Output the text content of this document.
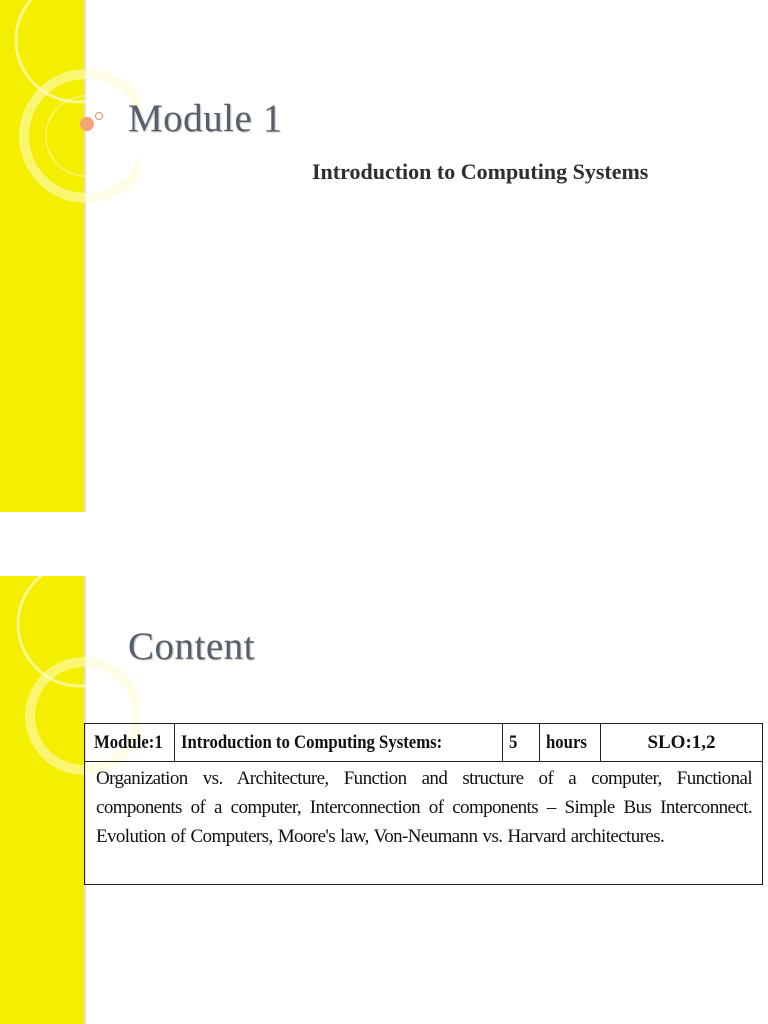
Module 1
Introduction to Computing Systems
Content
Module:1	Introduction to Computing Systems:	5	hours	SLO:1,2

Organization vs. Architecture, Function and structure of a computer, Functional components of a computer, Interconnection of components – Simple Bus Interconnect. Evolution of Computers, Moore's law, Von-Neumann vs. Harvard architectures.
